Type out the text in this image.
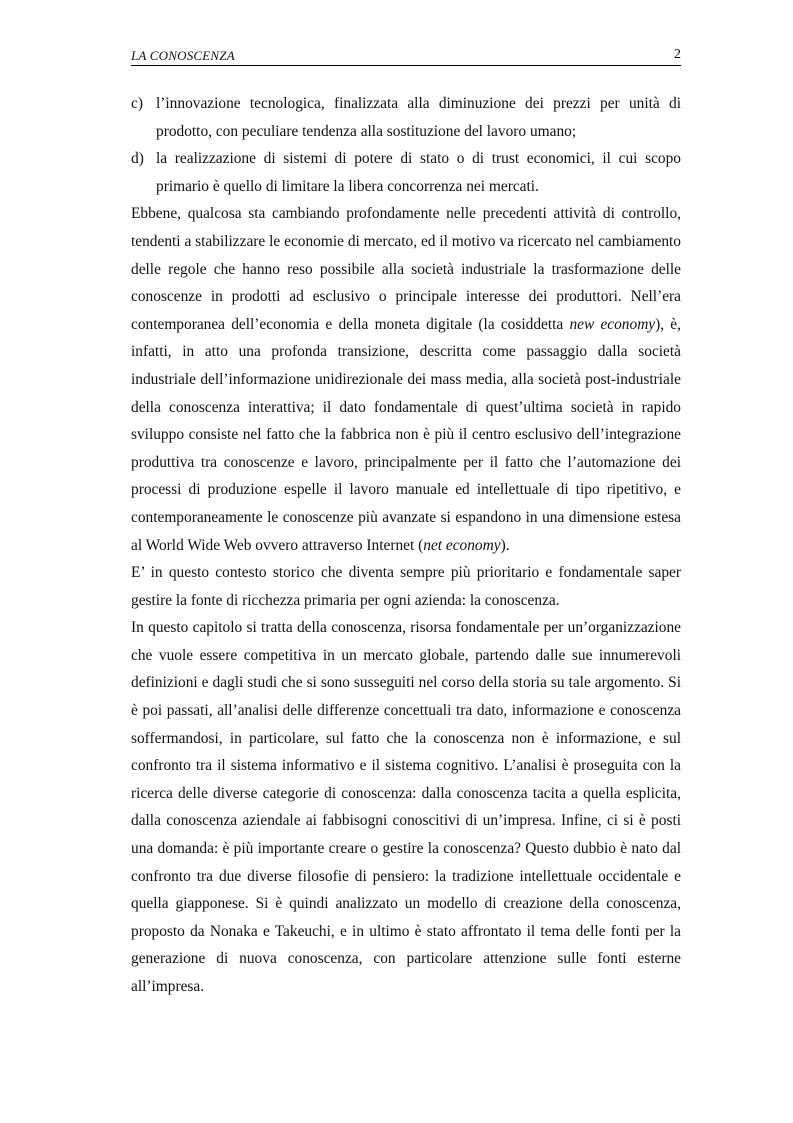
LA CONOSCENZA	2
c) l’innovazione tecnologica, finalizzata alla diminuzione dei prezzi per unità di prodotto, con peculiare tendenza alla sostituzione del lavoro umano;
d) la realizzazione di sistemi di potere di stato o di trust economici, il cui scopo primario è quello di limitare la libera concorrenza nei mercati.

Ebbene, qualcosa sta cambiando profondamente nelle precedenti attività di controllo, tendenti a stabilizzare le economie di mercato, ed il motivo va ricercato nel cambiamento delle regole che hanno reso possibile alla società industriale la trasformazione delle conoscenze in prodotti ad esclusivo o principale interesse dei produttori. Nell’era contemporanea dell’economia e della moneta digitale (la cosiddetta new economy), è, infatti, in atto una profonda transizione, descritta come passaggio dalla società industriale dell’informazione unidirezionale dei mass media, alla società post-industriale della conoscenza interattiva; il dato fondamentale di quest’ultima società in rapido sviluppo consiste nel fatto che la fabbrica non è più il centro esclusivo dell’integrazione produttiva tra conoscenze e lavoro, principalmente per il fatto che l’automazione dei processi di produzione espelle il lavoro manuale ed intellettuale di tipo ripetitivo, e contemporaneamente le conoscenze più avanzate si espandono in una dimensione estesa al World Wide Web ovvero attraverso Internet (net economy).

E’ in questo contesto storico che diventa sempre più prioritario e fondamentale saper gestire la fonte di ricchezza primaria per ogni azienda: la conoscenza.

In questo capitolo si tratta della conoscenza, risorsa fondamentale per un’organizzazione che vuole essere competitiva in un mercato globale, partendo dalle sue innumerevoli definizioni e dagli studi che si sono susseguiti nel corso della storia su tale argomento. Si è poi passati, all’analisi delle differenze concettuali tra dato, informazione e conoscenza soffermandosi, in particolare, sul fatto che la conoscenza non è informazione, e sul confronto tra il sistema informativo e il sistema cognitivo. L’analisi è proseguita con la ricerca delle diverse categorie di conoscenza: dalla conoscenza tacita a quella esplicita, dalla conoscenza aziendale ai fabbisogni conoscitivi di un’impresa. Infine, ci si è posti una domanda: è più importante creare o gestire la conoscenza? Questo dubbio è nato dal confronto tra due diverse filosofie di pensiero: la tradizione intellettuale occidentale e quella giapponese. Si è quindi analizzato un modello di creazione della conoscenza, proposto da Nonaka e Takeuchi, e in ultimo è stato affrontato il tema delle fonti per la generazione di nuova conoscenza, con particolare attenzione sulle fonti esterne all’impresa.
